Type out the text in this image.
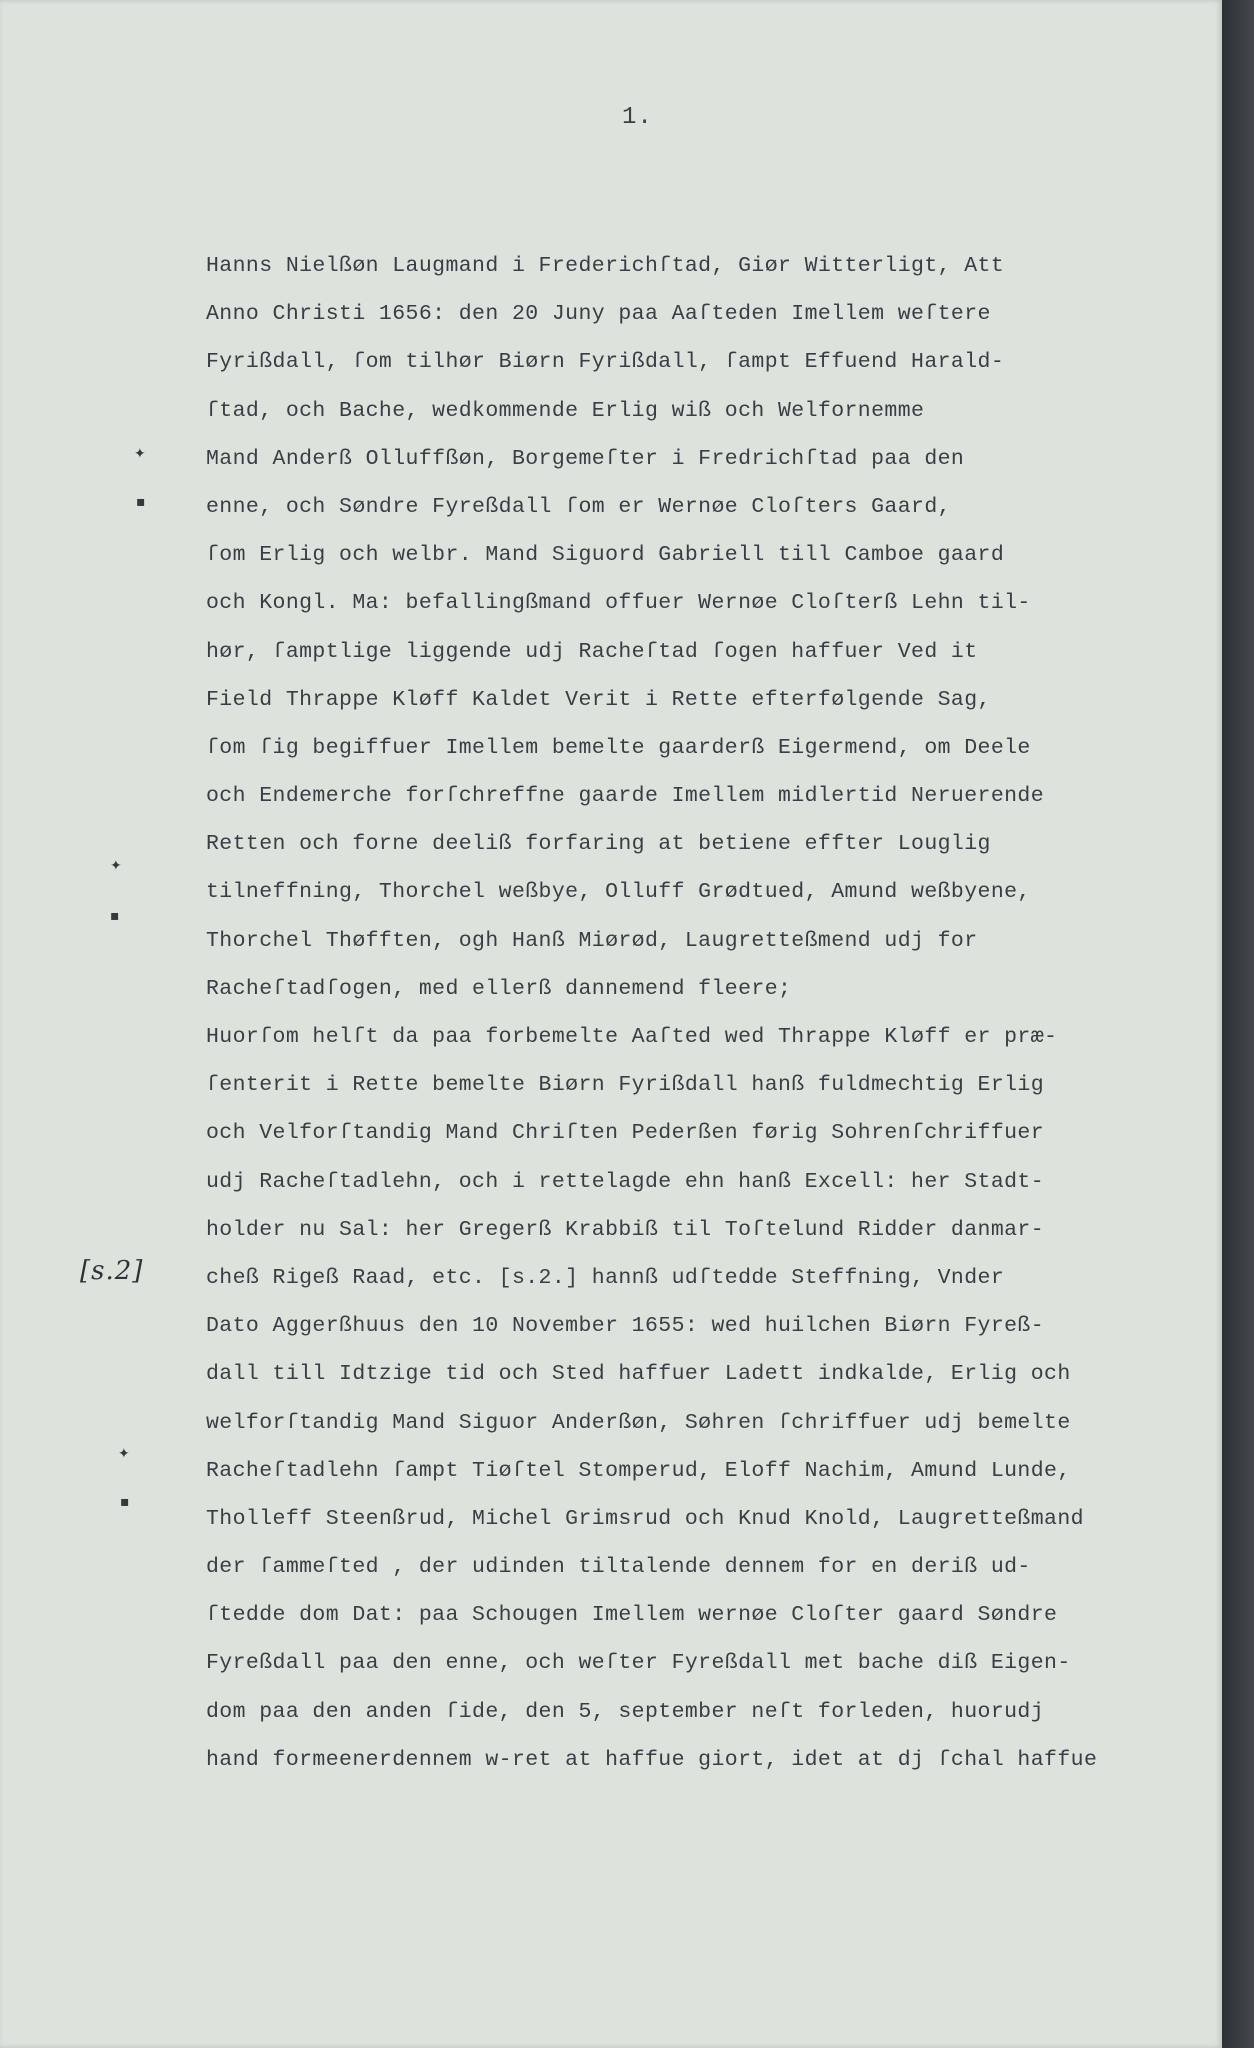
1.
✦
▪
✦
▪
✦
▪
[s.2]
Hanns Nielßøn Laugmand i Frederichſtad, Giør Witterligt, Att
Anno Christi 1656: den 20 Juny paa Aaſteden Imellem weſtere
Fyrißdall, ſom tilhør Biørn Fyrißdall, ſampt Effuend Harald-
ſtad, och Bache, wedkommende Erlig wiß och Welfornemme
Mand Anderß Olluffßøn, Borgemeſter i Fredrichſtad paa den
enne, och Søndre Fyreßdall ſom er Wernøe Cloſters Gaard,
ſom Erlig och welbr. Mand Siguord Gabriell till Camboe gaard
och Kongl. Ma: befallingßmand offuer Wernøe Cloſterß Lehn til-
hør, ſamptlige liggende udj Racheſtad ſogen haffuer Ved it
Field Thrappe Kløff Kaldet Verit i Rette efterfølgende Sag,
ſom ſig begiffuer Imellem bemelte gaarderß Eigermend, om Deele
och Endemerche forſchreffne gaarde Imellem midlertid Neruerende
Retten och forne deeliß forfaring at betiene effter Louglig
tilneffning, Thorchel weßbye, Olluff Grødtued, Amund weßbyene,
Thorchel Thøfften, ogh Hanß Miørød, Laugretteßmend udj for
Racheſtadſogen, med ellerß dannemend fleere;
Huorſom helſt da paa forbemelte Aaſted wed Thrappe Kløff er præ-
ſenterit i Rette bemelte Biørn Fyrißdall hanß fuldmechtig Erlig
och Velforſtandig Mand Chriſten Pederßen førig Sohrenſchriffuer
udj Racheſtadlehn, och i rettelagde ehn hanß Excell: her Stadt-
holder nu Sal: her Gregerß Krabbiß til Toſtelund Ridder danmar-
cheß Rigeß Raad, etc. [s.2.] hannß udſtedde Steffning, Vnder
Dato Aggerßhuus den 10 November 1655: wed huilchen Biørn Fyreß-
dall till Idtzige tid och Sted haffuer Ladett indkalde, Erlig och
welforſtandig Mand Siguor Anderßøn, Søhren ſchriffuer udj bemelte
Racheſtadlehn ſampt Tiøſtel Stomperud, Eloff Nachim, Amund Lunde,
Tholleff Steenßrud, Michel Grimsrud och Knud Knold, Laugretteßmand
der ſammeſted , der udinden tiltalende dennem for en deriß ud-
ſtedde dom Dat: paa Schougen Imellem wernøe Cloſter gaard Søndre
Fyreßdall paa den enne, och weſter Fyreßdall met bache diß Eigen-
dom paa den anden ſide, den 5, september neſt forleden, huorudj
hand formeenerdennem w-ret at haffue giort, idet at dj ſchal haffue
